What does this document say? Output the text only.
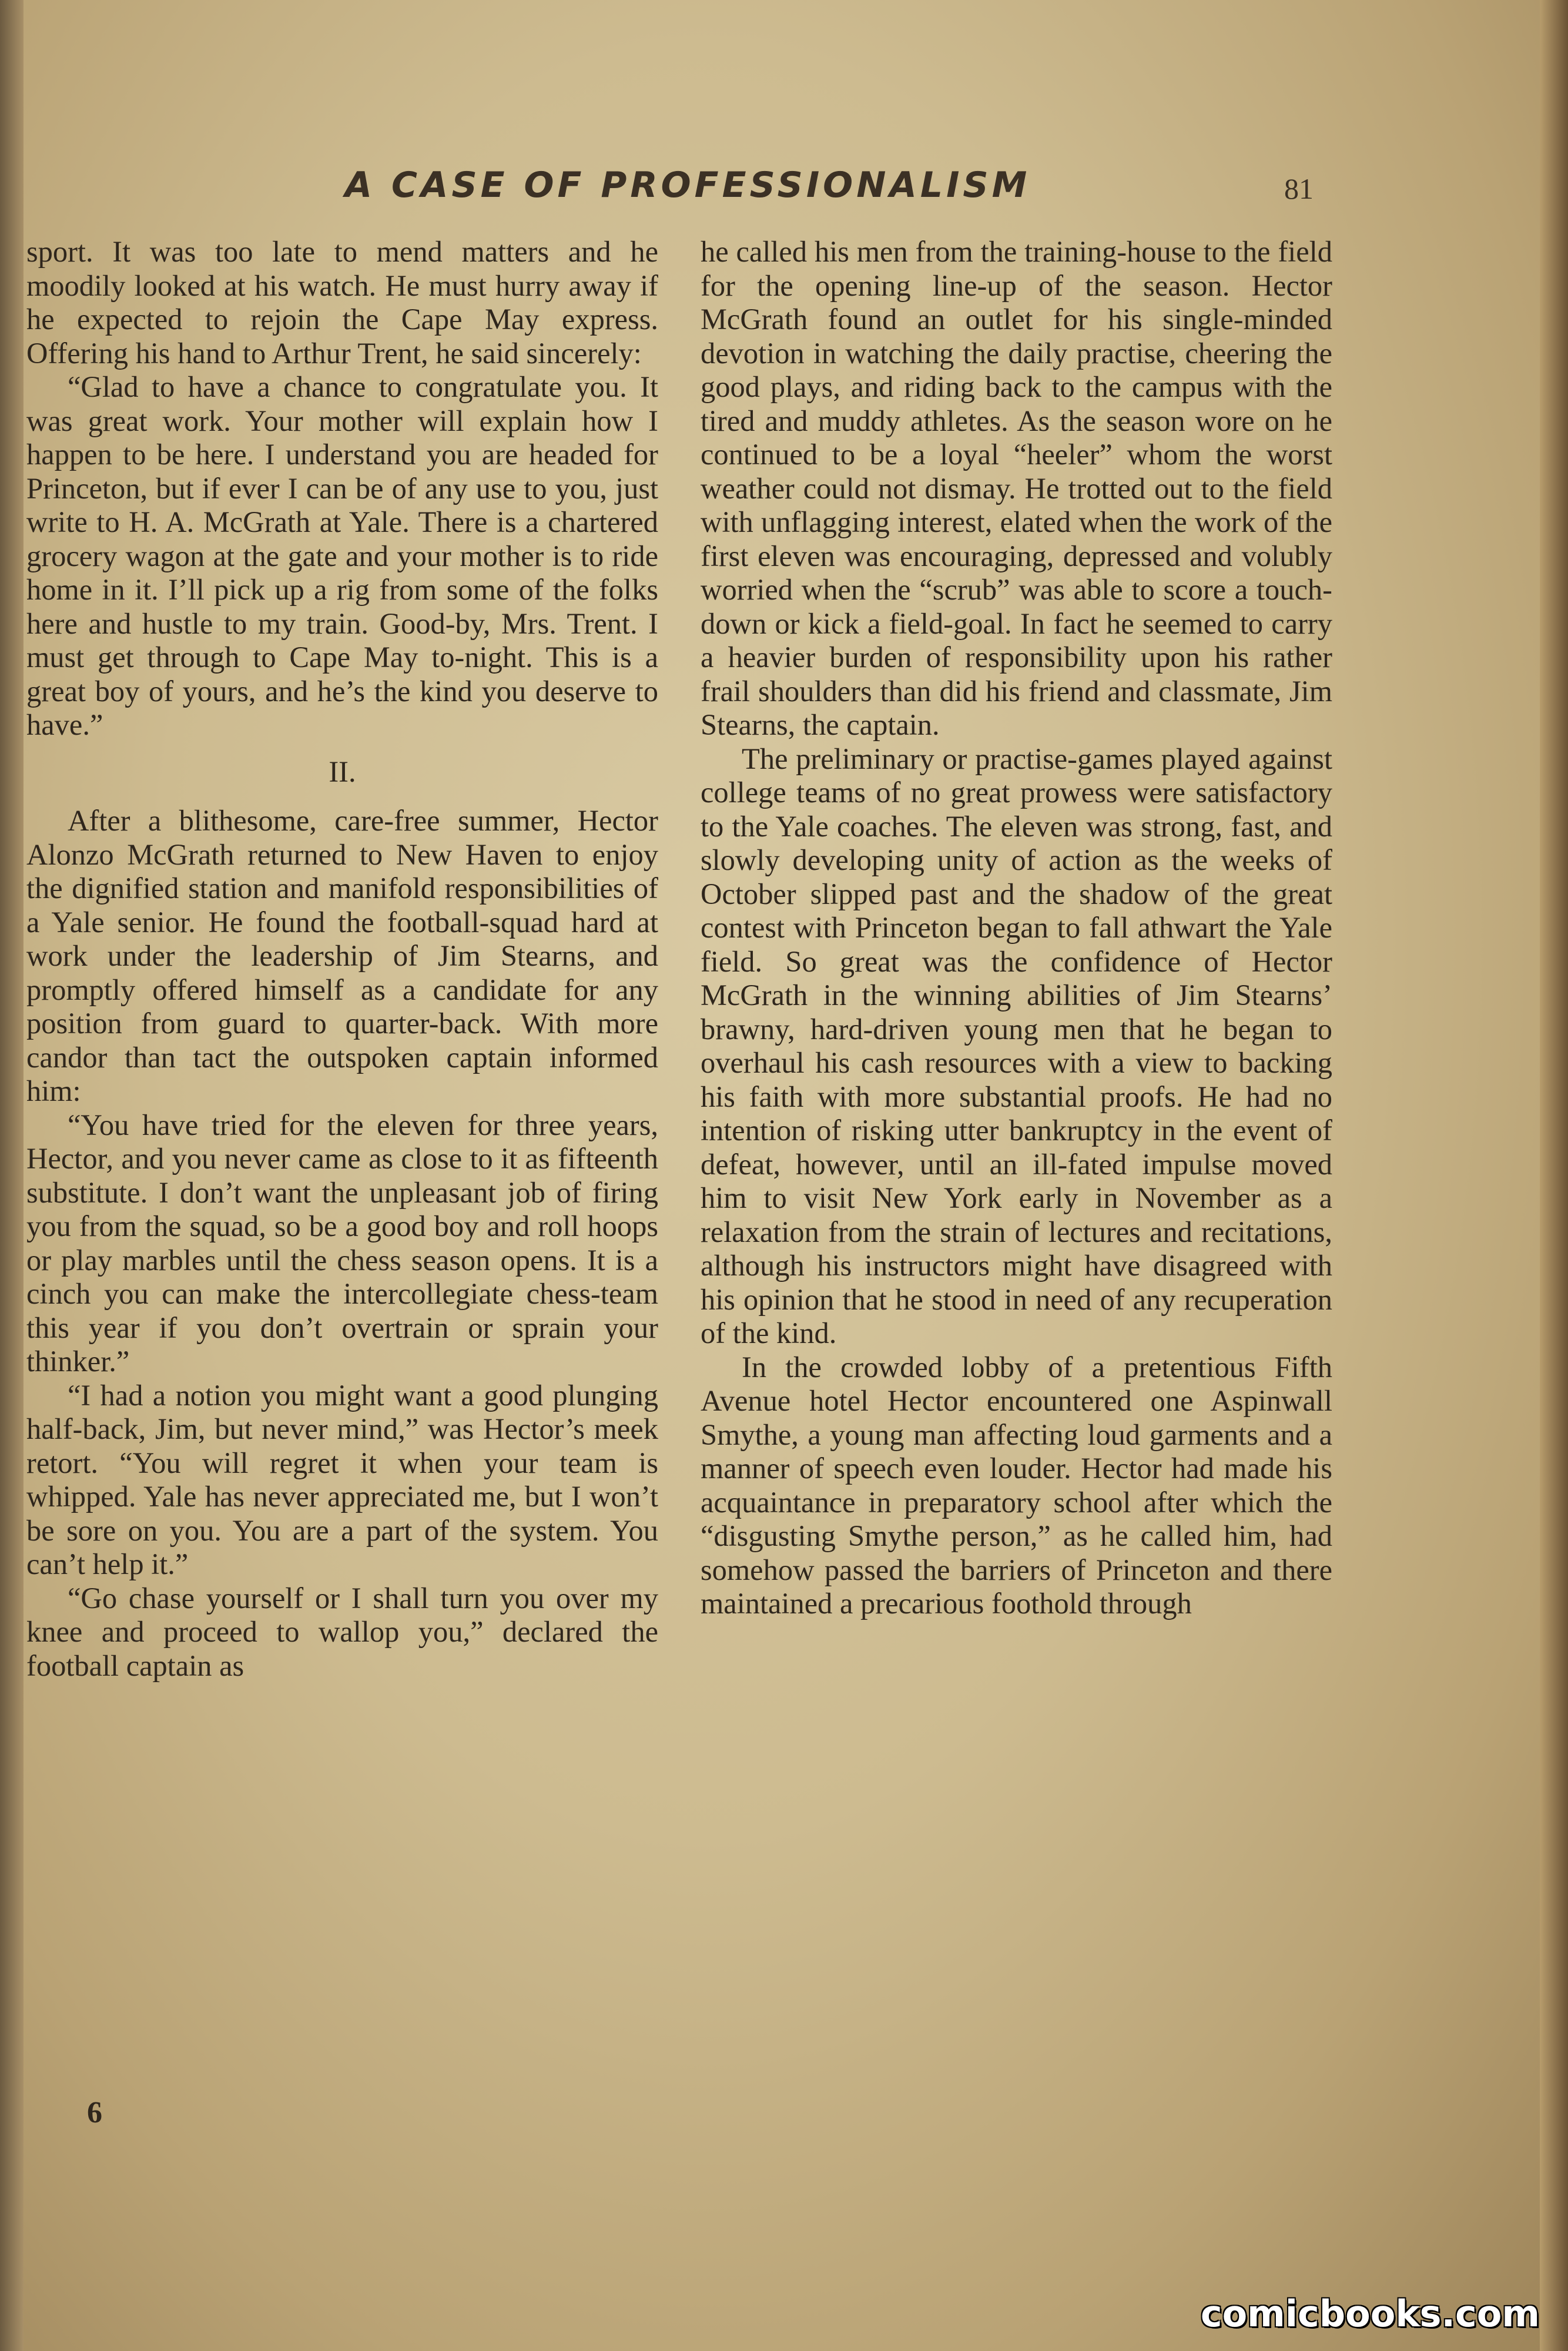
A CASE OF PROFESSIONALISM	81

sport. It was too late to mend matters and he moodily looked at his watch. He must hurry away if he expected to rejoin the Cape May express. Offering his hand to Arthur Trent, he said sincerely:

“Glad to have a chance to congratulate you. It was great work. Your mother will explain how I happen to be here. I understand you are headed for Princeton, but if ever I can be of any use to you, just write to H. A. McGrath at Yale. There is a chartered grocery wagon at the gate and your mother is to ride home in it. I’ll pick up a rig from some of the folks here and hustle to my train. Good-by, Mrs. Trent. I must get through to Cape May to-night. This is a great boy of yours, and he’s the kind you deserve to have.”

II.

After a blithesome, care-free summer, Hector Alonzo McGrath returned to New Haven to enjoy the dignified station and manifold responsibilities of a Yale senior. He found the football-squad hard at work under the leadership of Jim Stearns, and promptly offered himself as a candidate for any position from guard to quarter-back. With more candor than tact the outspoken captain informed him:

“You have tried for the eleven for three years, Hector, and you never came as close to it as fifteenth substitute. I don’t want the unpleasant job of firing you from the squad, so be a good boy and roll hoops or play marbles until the chess season opens. It is a cinch you can make the intercollegiate chess-team this year if you don’t overtrain or sprain your thinker.”

“I had a notion you might want a good plunging half-back, Jim, but never mind,” was Hector’s meek retort. “You will regret it when your team is whipped. Yale has never appreciated me, but I won’t be sore on you. You are a part of the system. You can’t help it.”

“Go chase yourself or I shall turn you over my knee and proceed to wallop you,” declared the football captain as

he called his men from the training-house to the field for the opening line-up of the season. Hector McGrath found an outlet for his single-minded devotion in watching the daily practise, cheering the good plays, and riding back to the campus with the tired and muddy athletes. As the season wore on he continued to be a loyal “heeler” whom the worst weather could not dismay. He trotted out to the field with unflagging interest, elated when the work of the first eleven was encouraging, depressed and volubly worried when the “scrub” was able to score a touch-down or kick a field-goal. In fact he seemed to carry a heavier burden of responsibility upon his rather frail shoulders than did his friend and classmate, Jim Stearns, the captain.

The preliminary or practise-games played against college teams of no great prowess were satisfactory to the Yale coaches. The eleven was strong, fast, and slowly developing unity of action as the weeks of October slipped past and the shadow of the great contest with Princeton began to fall athwart the Yale field. So great was the confidence of Hector McGrath in the winning abilities of Jim Stearns’ brawny, hard-driven young men that he began to overhaul his cash resources with a view to backing his faith with more substantial proofs. He had no intention of risking utter bankruptcy in the event of defeat, however, until an ill-fated impulse moved him to visit New York early in November as a relaxation from the strain of lectures and recitations, although his instructors might have disagreed with his opinion that he stood in need of any recuperation of the kind.

In the crowded lobby of a pretentious Fifth Avenue hotel Hector encountered one Aspinwall Smythe, a young man affecting loud garments and a manner of speech even louder. Hector had made his acquaintance in preparatory school after which the “disgusting Smythe person,” as he called him, had somehow passed the barriers of Princeton and there maintained a precarious foothold through

6
comicbooks.com
